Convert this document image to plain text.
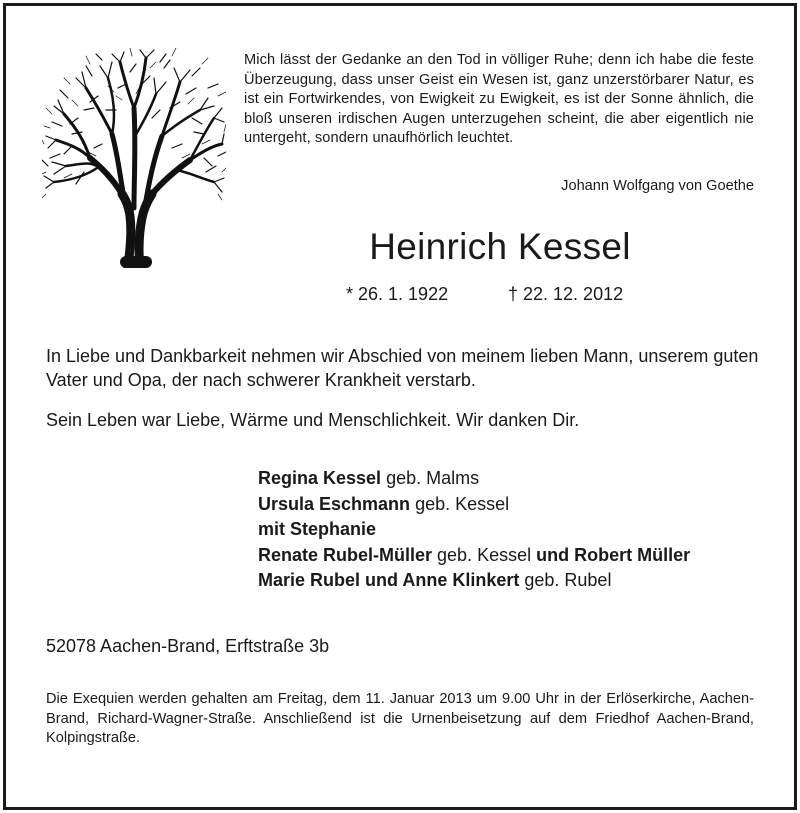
Mich lässt der Gedanke an den Tod in völliger Ruhe; denn ich habe die feste Überzeugung, dass unser Geist ein Wesen ist, ganz unzerstörbarer Natur, es ist ein Fortwirkendes, von Ewigkeit zu Ewigkeit, es ist der Sonne ähnlich, die bloß unseren irdischen Augen unterzugehen scheint, die aber eigentlich nie untergeht, sondern unaufhörlich leuchtet.

Johann Wolfgang von Goethe
Heinrich Kessel
* 26. 1. 1922	† 22. 12. 2012
In Liebe und Dankbarkeit nehmen wir Abschied von meinem lieben Mann, unserem guten Vater und Opa, der nach schwerer Krankheit verstarb.
Sein Leben war Liebe, Wärme und Menschlichkeit. Wir danken Dir.
Regina Kessel geb. Malms
Ursula Eschmann geb. Kessel
mit Stephanie
Renate Rubel-Müller geb. Kessel und Robert Müller
Marie Rubel und Anne Klinkert geb. Rubel
52078 Aachen-Brand, Erftstraße 3b

Die Exequien werden gehalten am Freitag, dem 11. Januar 2013 um 9.00 Uhr in der Erlöserkirche, Aachen-Brand, Richard-Wagner-Straße. Anschließend ist die Urnenbeisetzung auf dem Friedhof Aachen-Brand, Kolpingstraße.
